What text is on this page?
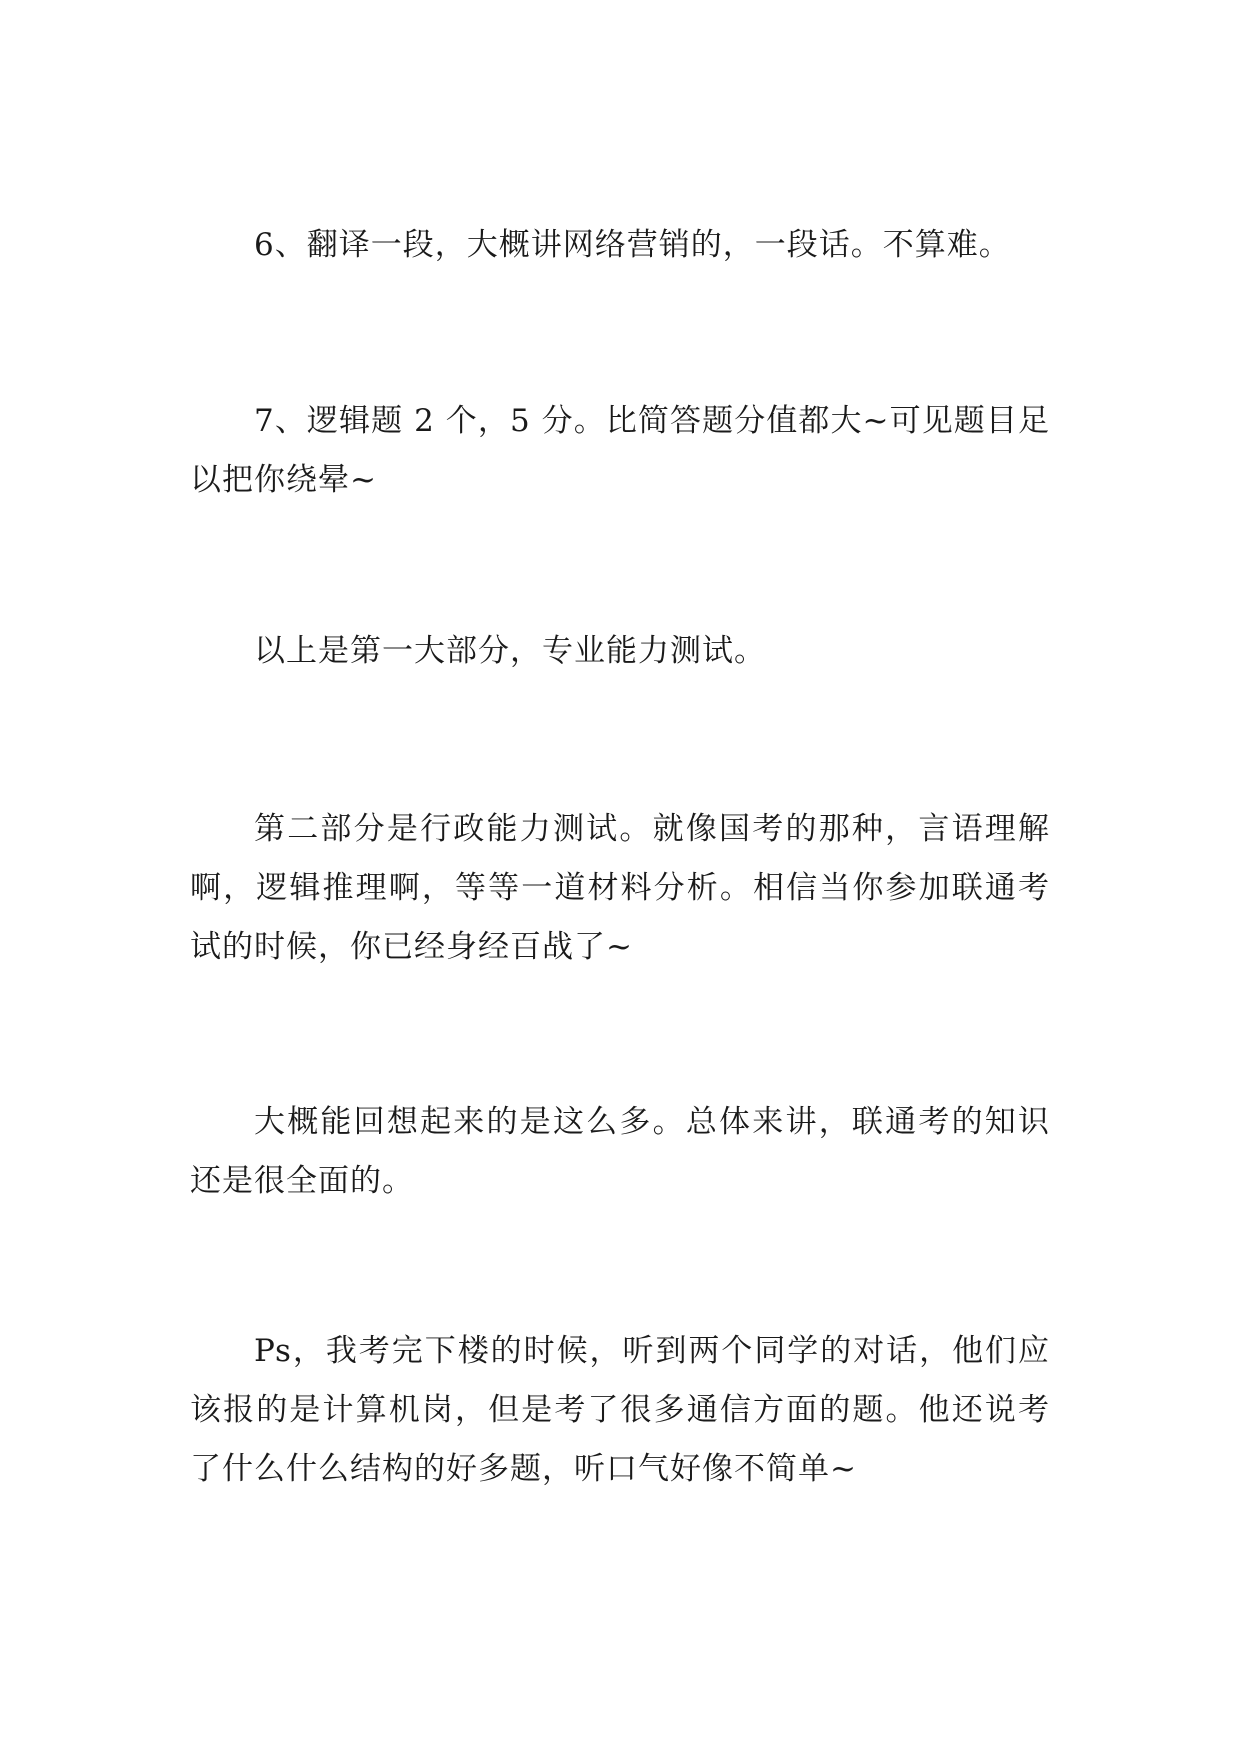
6、翻译一段，大概讲网络营销的，一段话。不算难。

7、逻辑题 2 个，5 分。比简答题分值都大~可见题目足以把你绕晕~

以上是第一大部分，专业能力测试。

第二部分是行政能力测试。就像国考的那种，言语理解啊，逻辑推理啊，等等一道材料分析。相信当你参加联通考试的时候，你已经身经百战了~

大概能回想起来的是这么多。总体来讲，联通考的知识还是很全面的。

Ps，我考完下楼的时候，听到两个同学的对话，他们应该报的是计算机岗，但是考了很多通信方面的题。他还说考了什么什么结构的好多题，听口气好像不简单~
